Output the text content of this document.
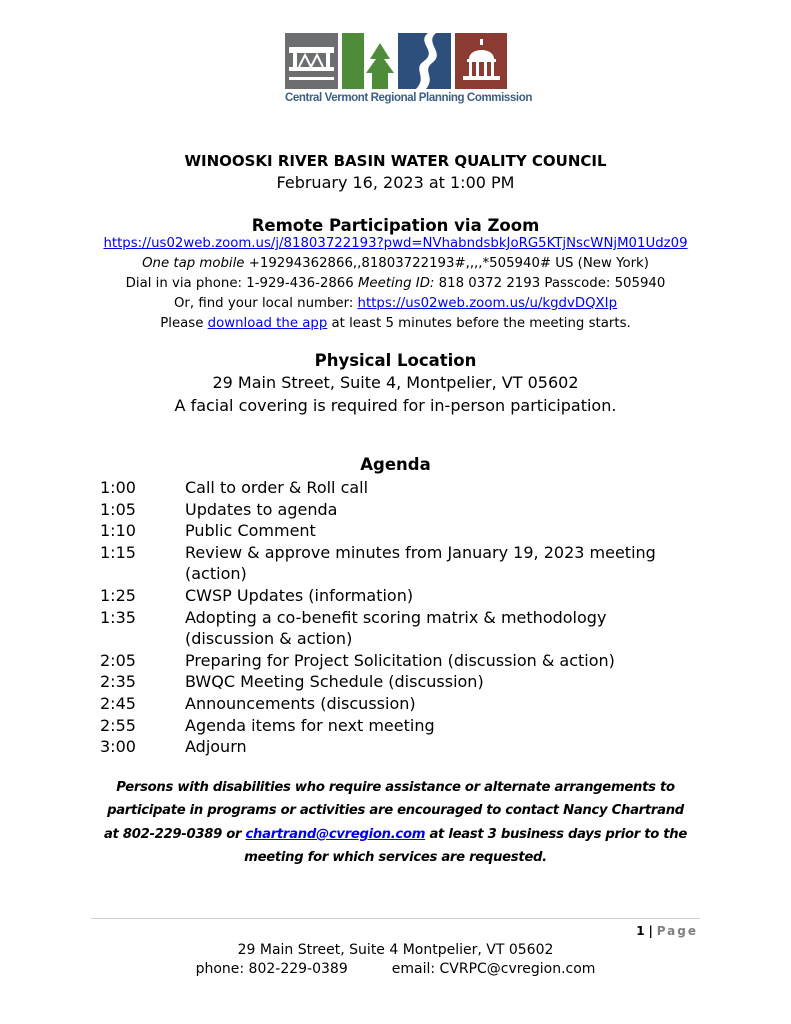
Central Vermont Regional Planning Commission
WINOOSKI RIVER BASIN WATER QUALITY COUNCIL
February 16, 2023 at 1:00 PM
Remote Participation via Zoom
https://us02web.zoom.us/j/81803722193?pwd=NVhabndsbkJoRG5KTjNscWNjM01Udz09
One tap mobile +19294362866,,81803722193#,,,,*505940# US (New York)
Dial in via phone: 1-929-436-2866 Meeting ID: 818 0372 2193 Passcode: 505940
Or, find your local number: https://us02web.zoom.us/u/kgdvDQXIp
Please download the app at least 5 minutes before the meeting starts.
Physical Location
29 Main Street, Suite 4, Montpelier, VT 05602
A facial covering is required for in-person participation.
Agenda
1:00	Call to order & Roll call
1:05	Updates to agenda
1:10	Public Comment
1:15	Review & approve minutes from January 19, 2023 meeting (action)
1:25	CWSP Updates (information)
1:35	Adopting a co-benefit scoring matrix & methodology (discussion & action)
2:05	Preparing for Project Solicitation (discussion & action)
2:35	BWQC Meeting Schedule (discussion)
2:45	Announcements (discussion)
2:55	Agenda items for next meeting
3:00	Adjourn
Persons with disabilities who require assistance or alternate arrangements to
participate in programs or activities are encouraged to contact Nancy Chartrand
at 802-229-0389 or chartrand@cvregion.com at least 3 business days prior to the
meeting for which services are requested.
1 | Page
29 Main Street, Suite 4 Montpelier, VT 05602
phone: 802-229-0389	email: CVRPC@cvregion.com
